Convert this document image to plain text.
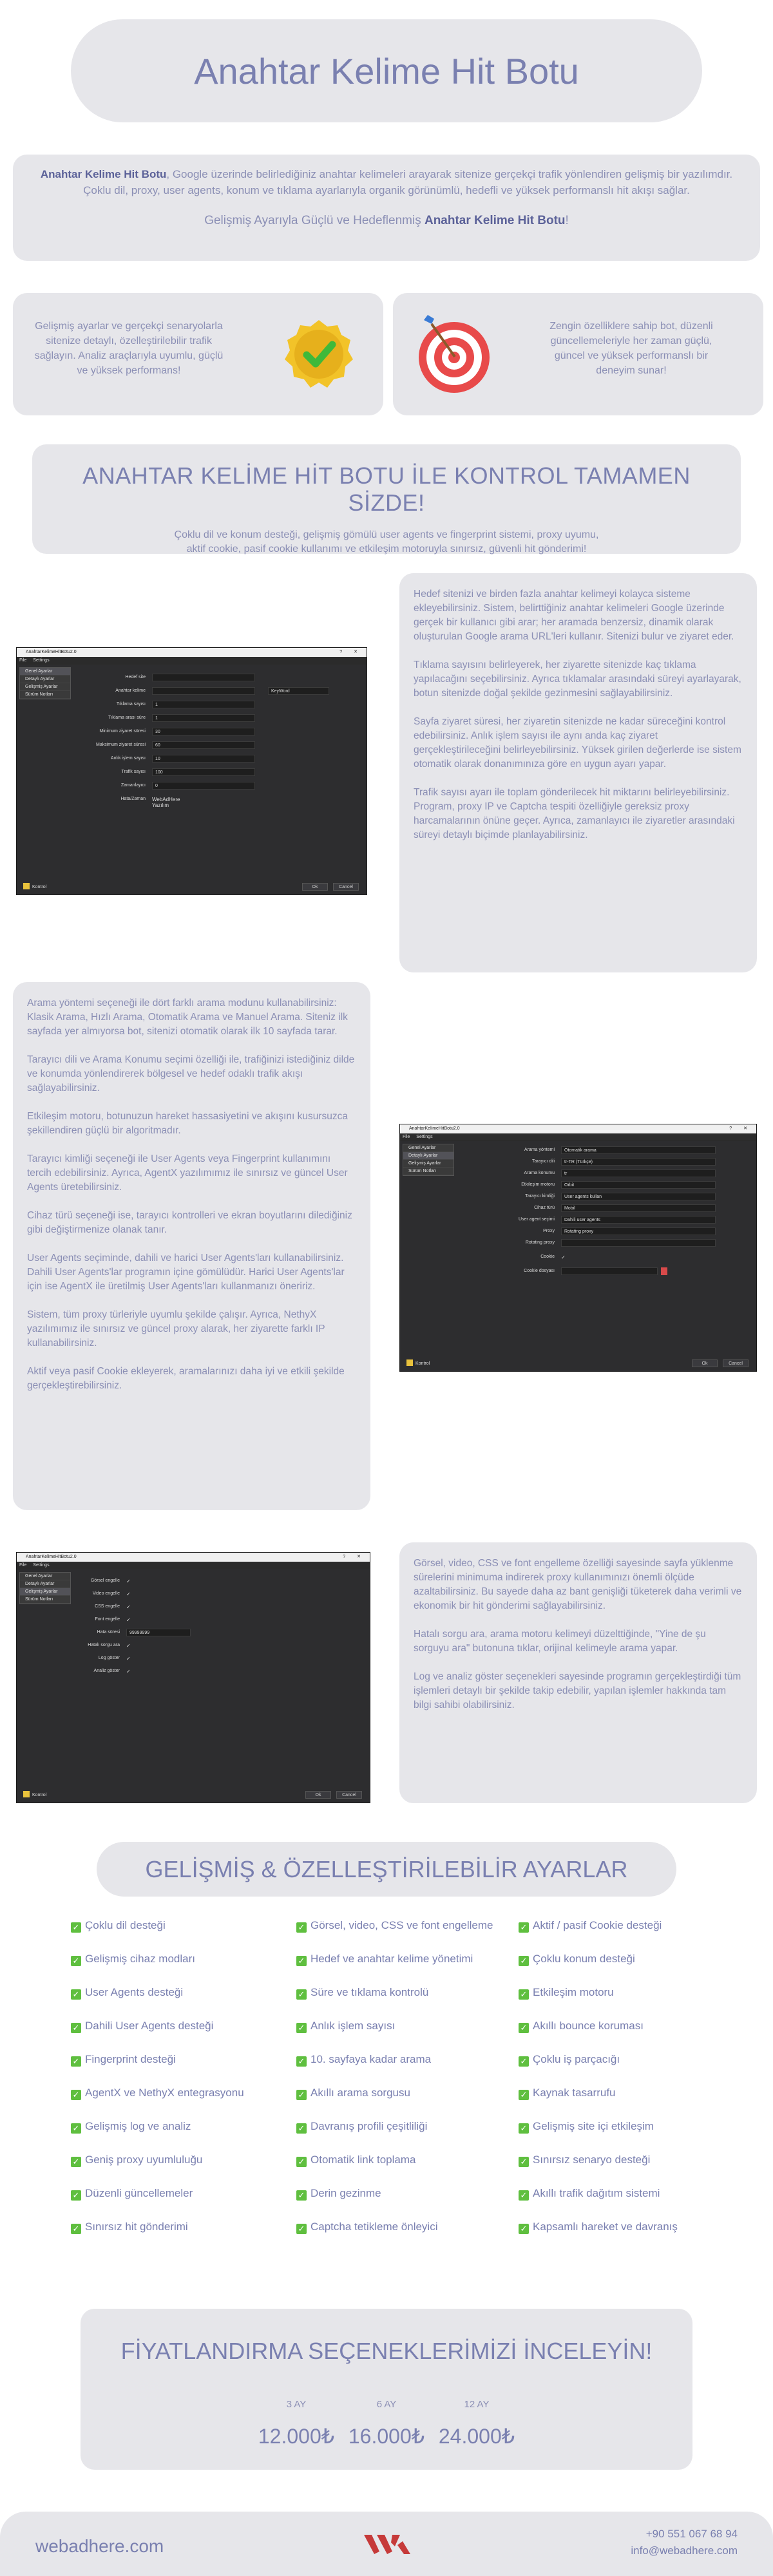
Anahtar Kelime Hit Botu

Anahtar Kelime Hit Botu, Google üzerinde belirlediğiniz anahtar kelimeleri arayarak sitenize gerçekçi trafik yönlendiren gelişmiş bir yazılımdır. Çoklu dil, proxy, user agents, konum ve tıklama ayarlarıyla organik görünümlü, hedefli ve yüksek performanslı hit akışı sağlar.

Gelişmiş Ayarıyla Güçlü ve Hedeflenmiş Anahtar Kelime Hit Botu!

Gelişmiş ayarlar ve gerçekçi senaryolarla sitenize detaylı, özelleştirilebilir trafik sağlayın. Analiz araçlarıyla uyumlu, güçlü ve yüksek performans!
Zengin özelliklere sahip bot, düzenli güncellemeleriyle her zaman güçlü, güncel ve yüksek performanslı bir deneyim sunar!
ANAHTAR KELİME HİT BOTU İLE KONTROL TAMAMEN SİZDE!

Çoklu dil ve konum desteği, gelişmiş gömülü user agents ve fingerprint sistemi, proxy uyumu, aktif cookie, pasif cookie kullanımı ve etkileşim motoruyla sınırsız, güvenli hit gönderimi!

Hedef sitenizi ve birden fazla anahtar kelimeyi kolayca sisteme ekleyebilirsiniz. Sistem, belirttiğiniz anahtar kelimeleri Google üzerinde gerçek bir kullanıcı gibi arar; her aramada benzersiz, dinamik olarak oluşturulan Google arama URL'leri kullanır. Sitenizi bulur ve ziyaret eder.

Tıklama sayısını belirleyerek, her ziyarette sitenizde kaç tıklama yapılacağını seçebilirsiniz. Ayrıca tıklamalar arasındaki süreyi ayarlayarak, botun sitenizde doğal şekilde gezinmesini sağlayabilirsiniz.

Sayfa ziyaret süresi, her ziyaretin sitenizde ne kadar süreceğini kontrol edebilirsiniz. Anlık işlem sayısı ile aynı anda kaç ziyaret gerçekleştirileceğini belirleyebilirsiniz. Yüksek girilen değerlerde ise sistem otomatik olarak donanımınıza göre en uygun ayarı yapar.

Trafik sayısı ayarı ile toplam gönderilecek hit miktarını belirleyebilirsiniz. Program, proxy IP ve Captcha tespiti özelliğiyle gereksiz proxy harcamalarının önüne geçer. Ayrıca, zamanlayıcı ile ziyaretler arasındaki süreyi detaylı biçimde planlayabilirsiniz.

AnahtarKelimeHitBotu2.0	? ✕
File Settings
Genel Ayarlar
Detaylı Ayarlar
Gelişmiş Ayarlar
Sürüm Notları
Hedef site
Anahtar kelime	KeyWord
Tıklama sayısı	1
Tıklama arası süre	1
Minimum ziyaret süresi	30
Maksimum ziyaret süresi	60
Anlık işlem sayısı	10
Trafik sayısı	100
Zamanlayıcı	0
Hata/Zaman WebAdHere Yazılım
Kontrol	Ok	Cancel

Arama yöntemi seçeneği ile dört farklı arama modunu kullanabilirsiniz: Klasik Arama, Hızlı Arama, Otomatik Arama ve Manuel Arama. Siteniz ilk sayfada yer almıyorsa bot, sitenizi otomatik olarak ilk 10 sayfada tarar.

Tarayıcı dili ve Arama Konumu seçimi özelliği ile, trafiğinizi istediğiniz dilde ve konumda yönlendirerek bölgesel ve hedef odaklı trafik akışı sağlayabilirsiniz.

Etkileşim motoru, botunuzun hareket hassasiyetini ve akışını kusursuzca şekillendiren güçlü bir algoritmadır.

Tarayıcı kimliği seçeneği ile User Agents veya Fingerprint kullanımını tercih edebilirsiniz. Ayrıca, AgentX yazılımımız ile sınırsız ve güncel User Agents üretebilirsiniz.

Cihaz türü seçeneği ise, tarayıcı kontrolleri ve ekran boyutlarını dilediğiniz gibi değiştirmenize olanak tanır.

User Agents seçiminde, dahili ve harici User Agents'ları kullanabilirsiniz. Dahili User Agents'lar programın içine gömülüdür. Harici User Agents'lar için ise AgentX ile üretilmiş User Agents'ları kullanmanızı öneririz.

Sistem, tüm proxy türleriyle uyumlu şekilde çalışır. Ayrıca, NethyX yazılımımız ile sınırsız ve güncel proxy alarak, her ziyarette farklı IP kullanabilirsiniz.

Aktif veya pasif Cookie ekleyerek, aramalarınızı daha iyi ve etkili şekilde gerçekleştirebilirsiniz.

AnahtarKelimeHitBotu2.0	? ✕
File Settings
Genel Ayarlar
Detaylı Ayarlar
Gelişmiş Ayarlar
Sürüm Notları
Arama yöntemi	Otomatik arama
Tarayıcı dili	tr-TR (Türkçe)
Arama konumu	tr
Etkileşim motoru	Orbit
Tarayıcı kimliği	User agents kullan
Cihaz türü	Mobil
User agent seçimi	Dahili user agents
Proxy	Rotating proxy
Rotating proxy
Cookie ✓
Cookie dosyası
Kontrol	Ok	Cancel
AnahtarKelimeHitBotu2.0	? ✕
File Settings
Genel Ayarlar
Detaylı Ayarlar
Gelişmiş Ayarlar
Sürüm Notları
Görsel engelle ✓
Video engelle ✓
CSS engelle ✓
Font engelle ✓
Hata süresi	99999999
Hatalı sorgu ara ✓
Log göster ✓
Analiz göster ✓
Kontrol	Ok	Cancel

Görsel, video, CSS ve font engelleme özelliği sayesinde sayfa yüklenme sürelerini minimuma indirerek proxy kullanımınızı önemli ölçüde azaltabilirsiniz. Bu sayede daha az bant genişliği tüketerek daha verimli ve ekonomik bir hit gönderimi sağlayabilirsiniz.

Hatalı sorgu ara, arama motoru kelimeyi düzelttiğinde, "Yine de şu sorguyu ara" butonuna tıklar, orijinal kelimeyle arama yapar.

Log ve analiz göster seçenekleri sayesinde programın gerçekleştirdiği tüm işlemleri detaylı bir şekilde takip edebilir, yapılan işlemler hakkında tam bilgi sahibi olabilirsiniz.

GELİŞMİŞ & ÖZELLEŞTİRİLEBİLİR AYARLAR
✓ Çoklu dil desteği
✓ Gelişmiş cihaz modları
✓ User Agents desteği
✓ Dahili User Agents desteği
✓ Fingerprint desteği
✓ AgentX ve NethyX entegrasyonu
✓ Gelişmiş log ve analiz
✓ Geniş proxy uyumluluğu
✓ Düzenli güncellemeler
✓ Sınırsız hit gönderimi
✓ Görsel, video, CSS ve font engelleme
✓ Hedef ve anahtar kelime yönetimi
✓ Süre ve tıklama kontrolü
✓ Anlık işlem sayısı
✓ 10. sayfaya kadar arama
✓ Akıllı arama sorgusu
✓ Davranış profili çeşitliliği
✓ Otomatik link toplama
✓ Derin gezinme
✓ Captcha tetikleme önleyici
✓ Aktif / pasif Cookie desteği
✓ Çoklu konum desteği
✓ Etkileşim motoru
✓ Akıllı bounce koruması
✓ Çoklu iş parçacığı
✓ Kaynak tasarrufu
✓ Gelişmiş site içi etkileşim
✓ Sınırsız senaryo desteği
✓ Akıllı trafik dağıtım sistemi
✓ Kapsamlı hareket ve davranış
FİYATLANDIRMA SEÇENEKLERİMİZİ İNCELEYİN!
3 AY
12.000₺
6 AY
16.000₺
12 AY
24.000₺
webadhere.com
+90 551 067 68 94
info@webadhere.com
